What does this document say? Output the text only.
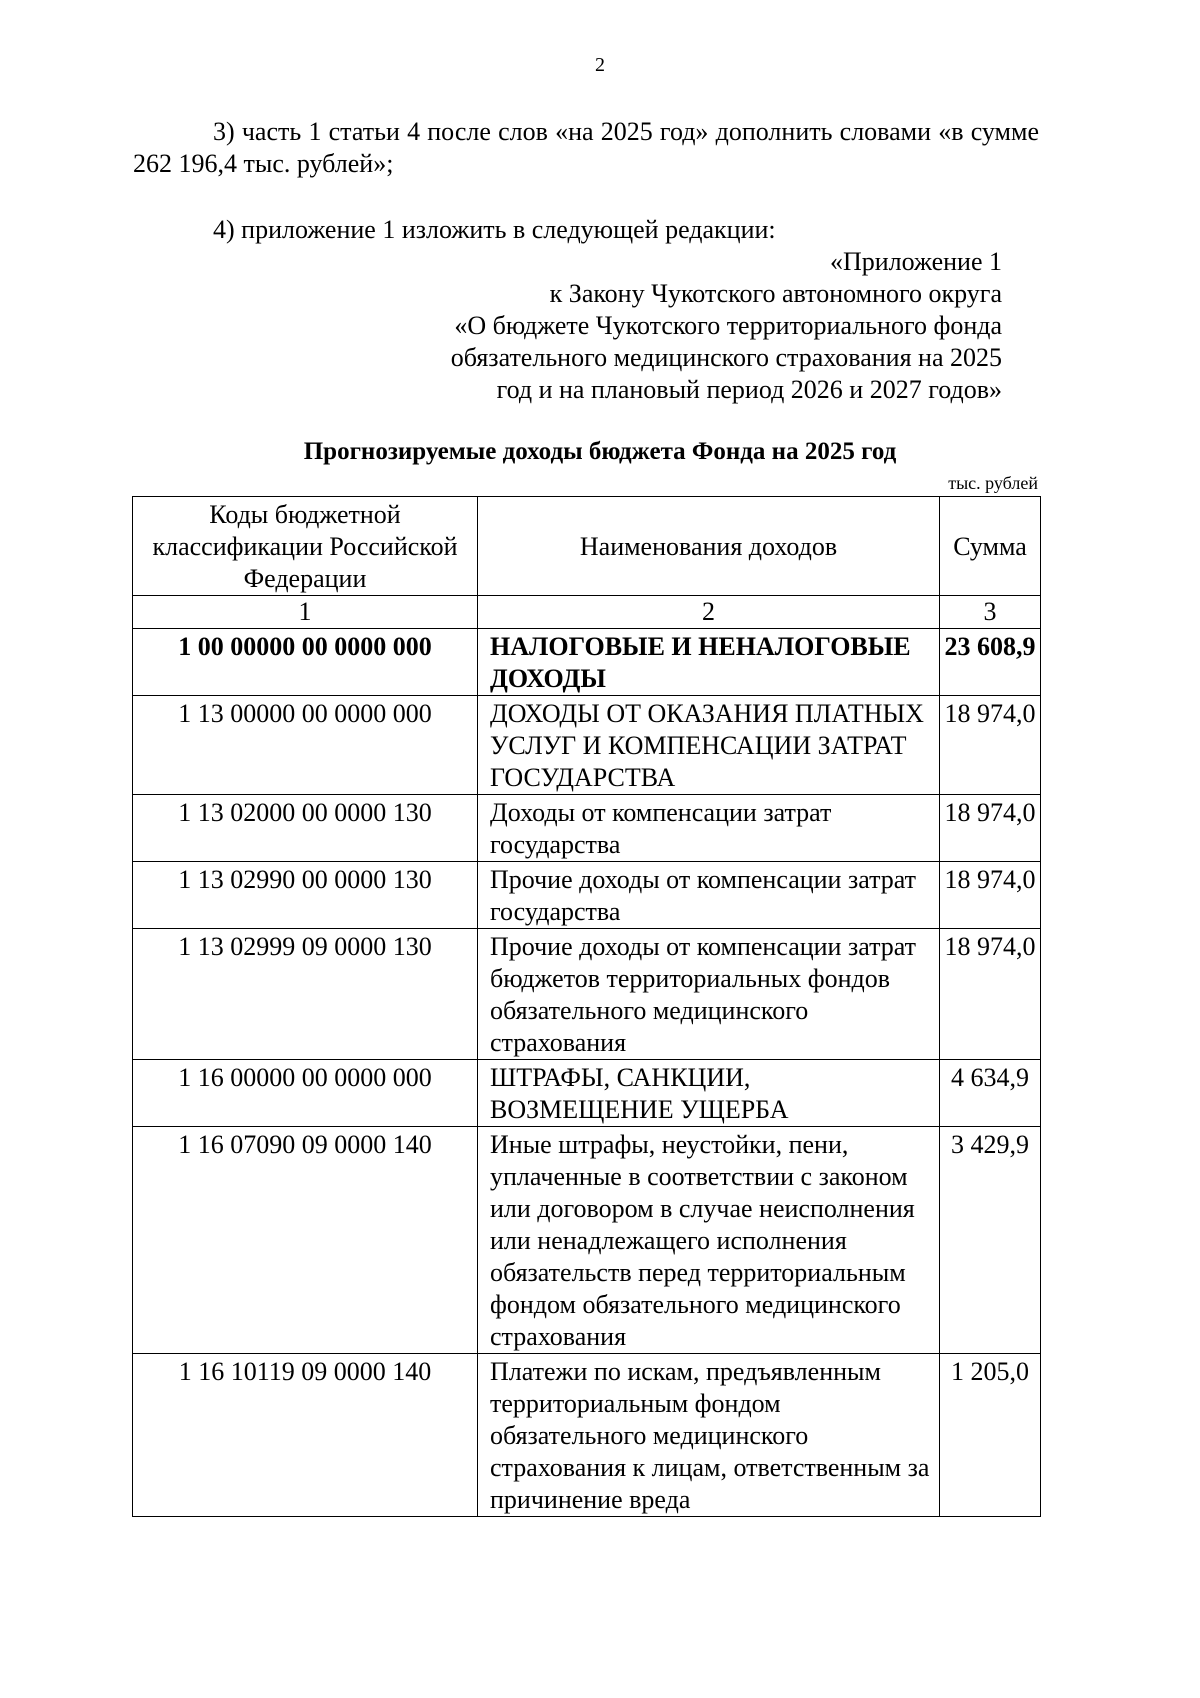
2
3) часть 1 статьи 4 после слов «на 2025 год» дополнить словами «в сумме 262 196,4 тыс. рублей»;
4) приложение 1 изложить в следующей редакции:
«Приложение 1
к Закону Чукотского автономного округа
«О бюджете Чукотского территориального фонда
обязательного медицинского страхования на 2025
год и на плановый период 2026 и 2027 годов»
Прогнозируемые доходы бюджета Фонда на 2025 год
тыс. рублей
Коды бюджетной классификации Российской Федерации	Наименования доходов	Сумма
1	2	3
1 00 00000 00 0000 000	НАЛОГОВЫЕ И НЕНАЛОГОВЫЕ ДОХОДЫ	23 608,9
1 13 00000 00 0000 000	ДОХОДЫ ОТ ОКАЗАНИЯ ПЛАТНЫХ УСЛУГ И КОМПЕНСАЦИИ ЗАТРАТ ГОСУДАРСТВА	18 974,0
1 13 02000 00 0000 130	Доходы от компенсации затрат государства	18 974,0
1 13 02990 00 0000 130	Прочие доходы от компенсации затрат государства	18 974,0
1 13 02999 09 0000 130	Прочие доходы от компенсации затрат бюджетов территориальных фондов обязательного медицинского страхования	18 974,0
1 16 00000 00 0000 000	ШТРАФЫ, САНКЦИИ, ВОЗМЕЩЕНИЕ УЩЕРБА	4 634,9
1 16 07090 09 0000 140	Иные штрафы, неустойки, пени, уплаченные в соответствии с законом или договором в случае неисполнения или ненадлежащего исполнения обязательств перед территориальным фондом обязательного медицинского страхования	3 429,9
1 16 10119 09 0000 140	Платежи по искам, предъявленным территориальным фондом обязательного медицинского страхования к лицам, ответственным за причинение вреда	1 205,0
